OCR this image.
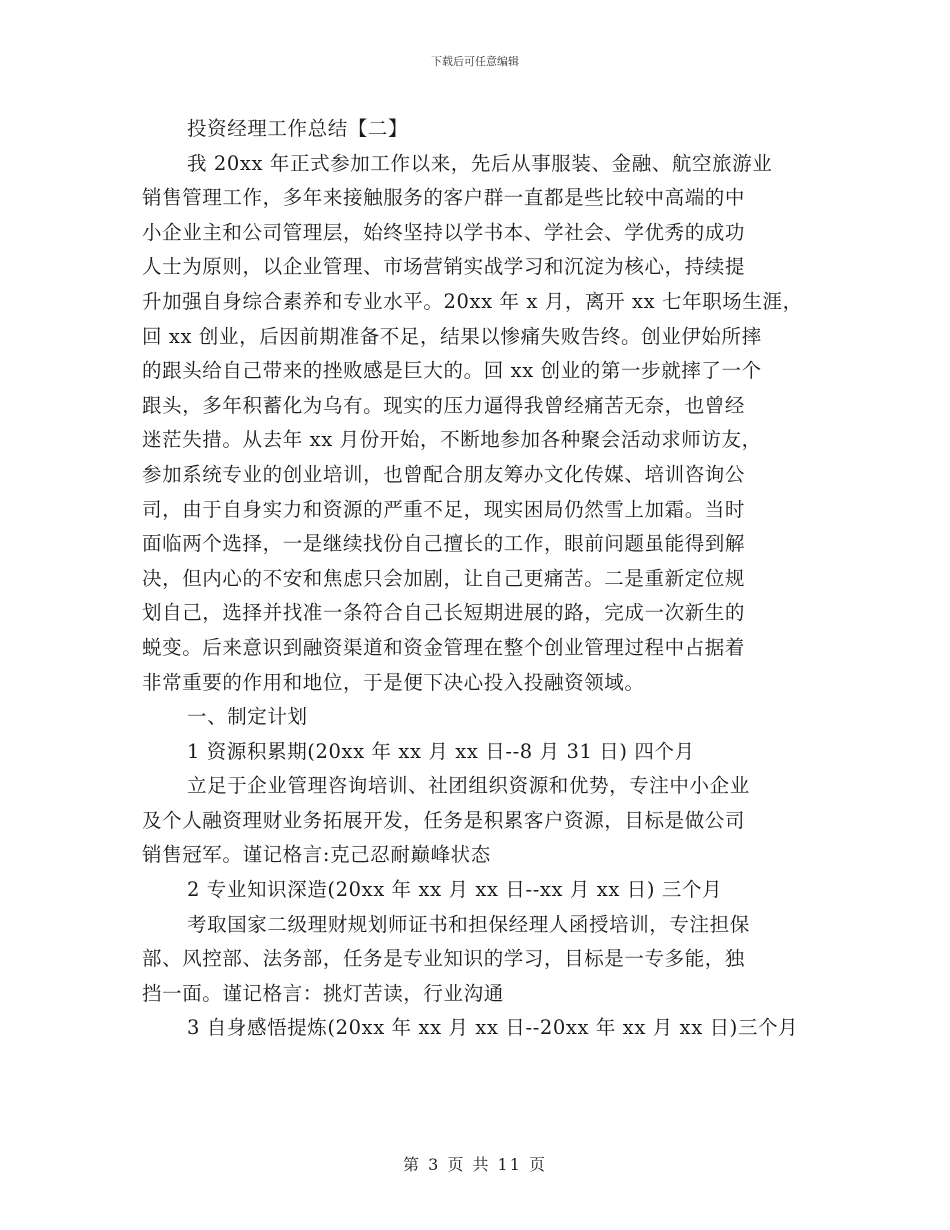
下载后可任意编辑
投资经理工作总结【二】
我 20xx 年正式参加工作以来，先后从事服装、金融、航空旅游业
销售管理工作，多年来接触服务的客户群一直都是些比较中高端的中
小企业主和公司管理层，始终坚持以学书本、学社会、学优秀的成功
人士为原则，以企业管理、市场营销实战学习和沉淀为核心，持续提
升加强自身综合素养和专业水平。20xx 年 x 月，离开 xx 七年职场生涯，
回 xx 创业，后因前期准备不足，结果以惨痛失败告终。创业伊始所摔
的跟头给自己带来的挫败感是巨大的。回 xx 创业的第一步就摔了一个
跟头，多年积蓄化为乌有。现实的压力逼得我曾经痛苦无奈，也曾经
迷茫失措。从去年 xx 月份开始，不断地参加各种聚会活动求师访友，
参加系统专业的创业培训，也曾配合朋友筹办文化传媒、培训咨询公
司，由于自身实力和资源的严重不足，现实困局仍然雪上加霜。当时
面临两个选择，一是继续找份自己擅长的工作，眼前问题虽能得到解
决，但内心的不安和焦虑只会加剧，让自己更痛苦。二是重新定位规
划自己，选择并找准一条符合自己长短期进展的路，完成一次新生的
蜕变。后来意识到融资渠道和资金管理在整个创业管理过程中占据着
非常重要的作用和地位，于是便下决心投入投融资领域。
一、制定计划
1 资源积累期(20xx 年 xx 月 xx 日--8 月 31 日) 四个月
立足于企业管理咨询培训、社团组织资源和优势，专注中小企业
及个人融资理财业务拓展开发，任务是积累客户资源，目标是做公司
销售冠军。谨记格言:克己忍耐巅峰状态
2 专业知识深造(20xx 年 xx 月 xx 日--xx 月 xx 日) 三个月
考取国家二级理财规划师证书和担保经理人函授培训，专注担保
部、风控部、法务部，任务是专业知识的学习，目标是一专多能，独
挡一面。谨记格言：挑灯苦读，行业沟通
3 自身感悟提炼(20xx 年 xx 月 xx 日--20xx 年 xx 月 xx 日)三个月
第 3 页 共 11 页
